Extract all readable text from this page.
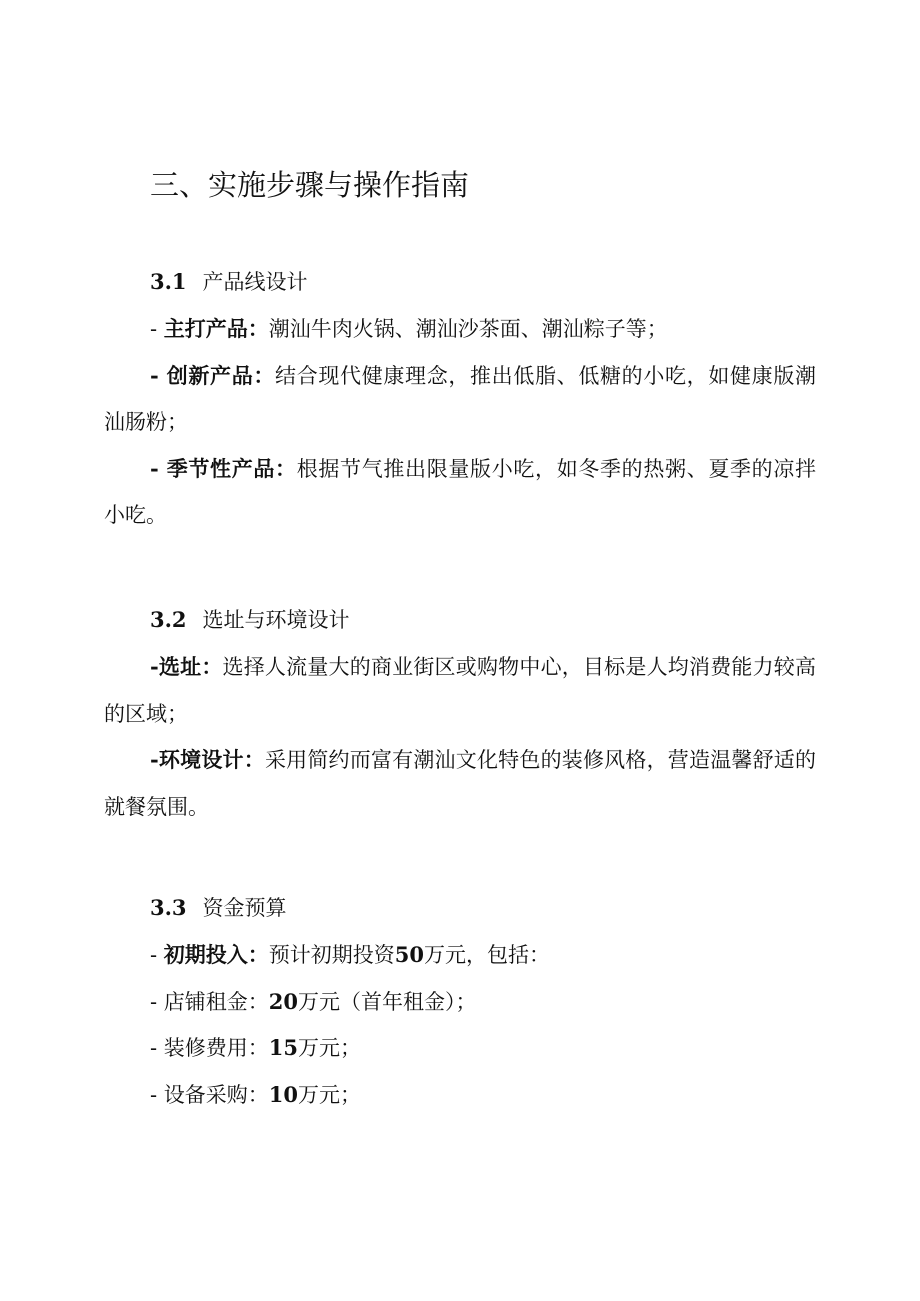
三、实施步骤与操作指南
3.1 产品线设计
- 主打产品：潮汕牛肉火锅、潮汕沙茶面、潮汕粽子等；
- 创新产品：结合现代健康理念，推出低脂、低糖的小吃，如健康版潮汕肠粉；
- 季节性产品：根据节气推出限量版小吃，如冬季的热粥、夏季的凉拌小吃。
3.2 选址与环境设计
-选址：选择人流量大的商业街区或购物中心，目标是人均消费能力较高的区域；
-环境设计：采用简约而富有潮汕文化特色的装修风格，营造温馨舒适的就餐氛围。
3.3 资金预算
- 初期投入：预计初期投资50万元，包括：
- 店铺租金：20万元（首年租金）；
- 装修费用：15万元；
- 设备采购：10万元；
